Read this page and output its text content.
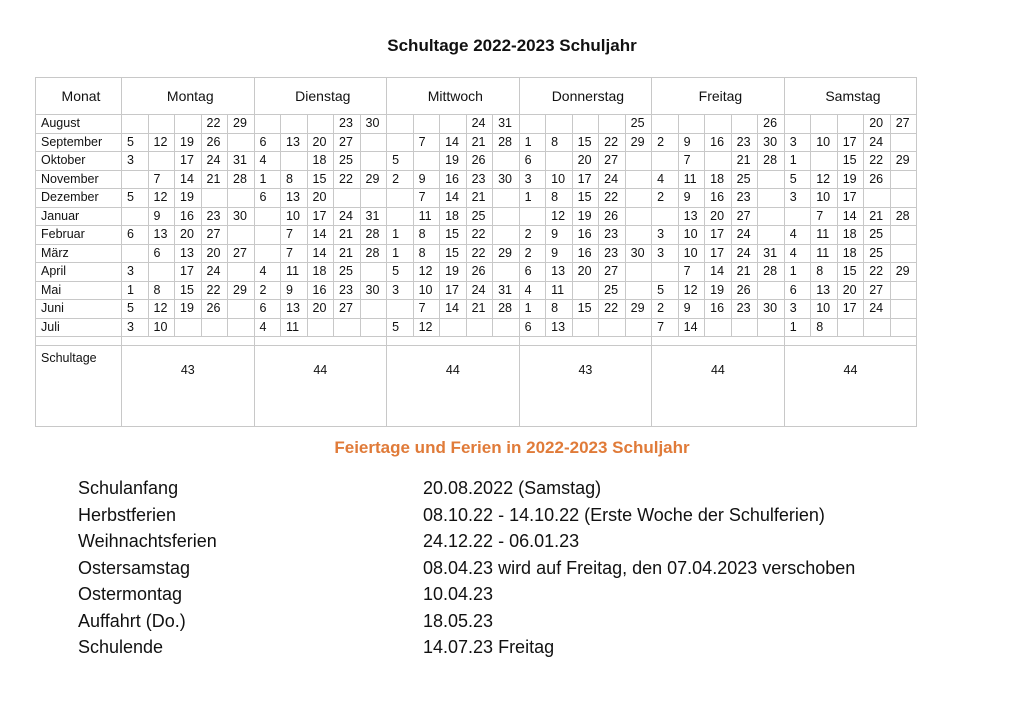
Schultage 2022-2023 Schuljahr
Monat	Montag					Dienstag					Mittwoch					Donnerstag					Freitag					Samstag				
August				22	29				23	30				24	31					25					26				20	27
September	5	12	19	26		6	13	20	27			7	14	21	28	1	8	15	22	29	2	9	16	23	30	3	10	17	24	
Oktober	3		17	24	31	4		18	25		5		19	26		6		20	27			7		21	28	1		15	22	29
November		7	14	21	28	1	8	15	22	29	2	9	16	23	30	3	10	17	24		4	11	18	25		5	12	19	26	
Dezember	5	12	19			6	13	20				7	14	21		1	8	15	22		2	9	16	23		3	10	17		
Januar		9	16	23	30		10	17	24	31		11	18	25			12	19	26			13	20	27			7	14	21	28
Februar	6	13	20	27			7	14	21	28	1	8	15	22		2	9	16	23		3	10	17	24		4	11	18	25	
März		6	13	20	27		7	14	21	28	1	8	15	22	29	2	9	16	23	30	3	10	17	24	31	4	11	18	25	
April	3		17	24		4	11	18	25		5	12	19	26		6	13	20	27			7	14	21	28	1	8	15	22	29
Mai	1	8	15	22	29	2	9	16	23	30	3	10	17	24	31	4	11		25		5	12	19	26		6	13	20	27	
Juni	5	12	19	26		6	13	20	27			7	14	21	28	1	8	15	22	29	2	9	16	23	30	3	10	17	24	
Juli	3	10				4	11				5	12				6	13				7	14				1	8			

Schultage	43					44					44					43					44					44				
Feiertage und Ferien in 2022-2023 Schuljahr
Schulanfang	20.08.2022 (Samstag)
Herbstferien	08.10.22 - 14.10.22 (Erste Woche der Schulferien)
Weihnachtsferien	24.12.22 - 06.01.23
Ostersamstag	08.04.23 wird auf Freitag, den 07.04.2023 verschoben
Ostermontag	10.04.23
Auffahrt (Do.)	18.05.23
Schulende	14.07.23 Freitag
